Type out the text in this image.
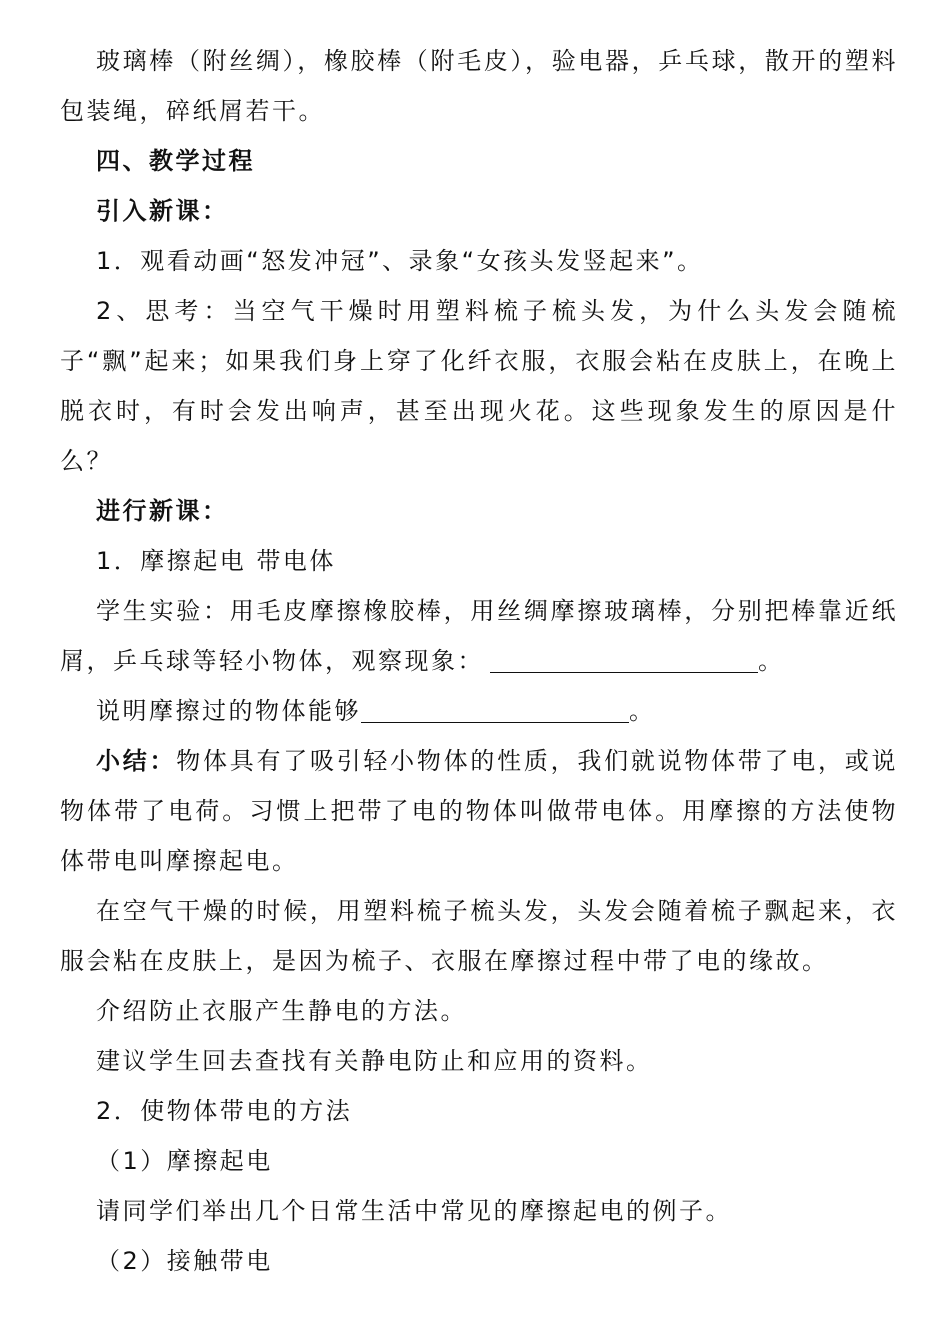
玻璃棒（附丝绸），橡胶棒（附毛皮），验电器，乒乓球，散开的塑料包装绳，碎纸屑若干。

四、教学过程

引入新课：

1．观看动画“怒发冲冠”、录象“女孩头发竖起来”。

2、思考：当空气干燥时用塑料梳子梳头发，为什么头发会随梳子“飘”起来；如果我们身上穿了化纤衣服，衣服会粘在皮肤上，在晚上脱衣时，有时会发出响声，甚至出现火花。这些现象发生的原因是什么？

进行新课：

1．摩擦起电 带电体

学生实验：用毛皮摩擦橡胶棒，用丝绸摩擦玻璃棒，分别把棒靠近纸屑，乒乓球等轻小物体，观察现象：	。

说明摩擦过的物体能够	。

小结：物体具有了吸引轻小物体的性质，我们就说物体带了电，或说物体带了电荷。习惯上把带了电的物体叫做带电体。用摩擦的方法使物体带电叫摩擦起电。

在空气干燥的时候，用塑料梳子梳头发，头发会随着梳子飘起来，衣服会粘在皮肤上，是因为梳子、衣服在摩擦过程中带了电的缘故。

介绍防止衣服产生静电的方法。

建议学生回去查找有关静电防止和应用的资料。

2．使物体带电的方法

（1）摩擦起电

请同学们举出几个日常生活中常见的摩擦起电的例子。

（2）接触带电
